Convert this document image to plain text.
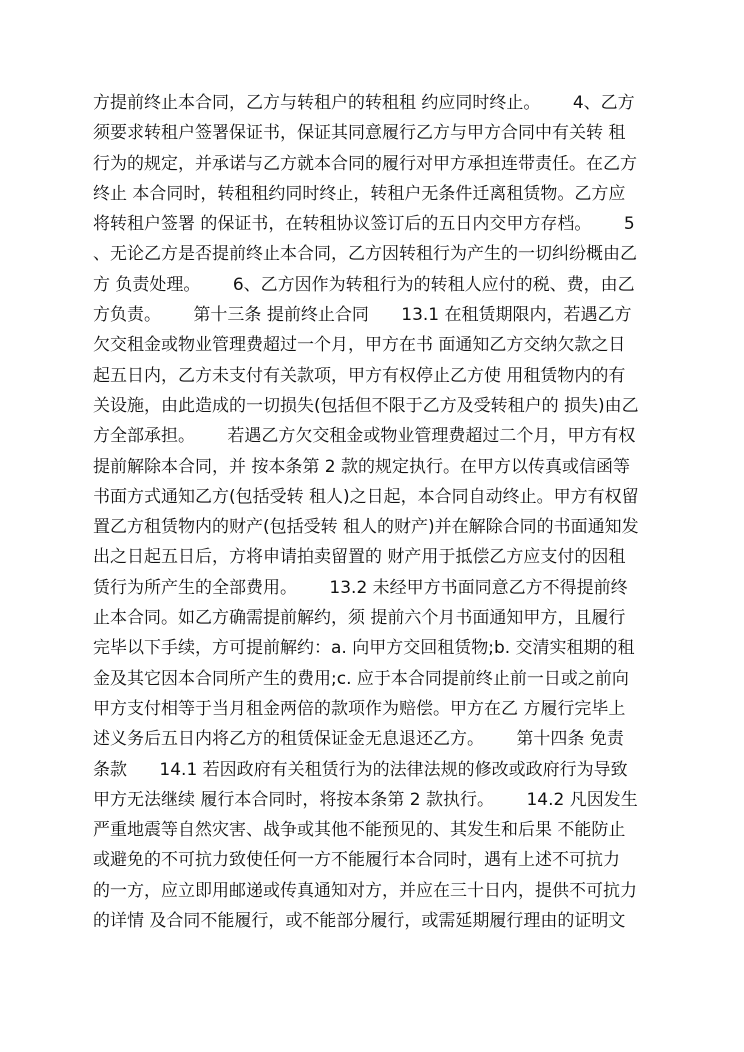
方提前终止本合同，乙方与转租户的转租租 约应同时终止。      4、乙方
须要求转租户签署保证书，保证其同意履行乙方与甲方合同中有关转 租
行为的规定，并承诺与乙方就本合同的履行对甲方承担连带责任。在乙方
终止 本合同时，转租租约同时终止，转租户无条件迁离租赁物。乙方应
将转租户签署 的保证书，在转租协议签订后的五日内交甲方存档。      5
、无论乙方是否提前终止本合同，乙方因转租行为产生的一切纠纷概由乙
方 负责处理。      6、乙方因作为转租行为的转租人应付的税、费，由乙
方负责。      第十三条 提前终止合同      13.1 在租赁期限内，若遇乙方
欠交租金或物业管理费超过一个月，甲方在书 面通知乙方交纳欠款之日
起五日内，乙方未支付有关款项，甲方有权停止乙方使 用租赁物内的有
关设施，由此造成的一切损失(包括但不限于乙方及受转租户的 损失)由乙
方全部承担。      若遇乙方欠交租金或物业管理费超过二个月，甲方有权
提前解除本合同，并 按本条第 2 款的规定执行。在甲方以传真或信函等
书面方式通知乙方(包括受转 租人)之日起，本合同自动终止。甲方有权留
置乙方租赁物内的财产(包括受转 租人的财产)并在解除合同的书面通知发
出之日起五日后，方将申请拍卖留置的 财产用于抵偿乙方应支付的因租
赁行为所产生的全部费用。      13.2 未经甲方书面同意乙方不得提前终
止本合同。如乙方确需提前解约，须 提前六个月书面通知甲方，且履行
完毕以下手续，方可提前解约：a. 向甲方交回租赁物;b. 交清实租期的租
金及其它因本合同所产生的费用;c. 应于本合同提前终止前一日或之前向
甲方支付相等于当月租金两倍的款项作为赔偿。甲方在乙 方履行完毕上
述义务后五日内将乙方的租赁保证金无息退还乙方。      第十四条 免责
条款      14.1 若因政府有关租赁行为的法律法规的修改或政府行为导致
甲方无法继续 履行本合同时，将按本条第 2 款执行。      14.2 凡因发生
严重地震等自然灾害、战争或其他不能预见的、其发生和后果 不能防止
或避免的不可抗力致使任何一方不能履行本合同时，遇有上述不可抗力
的一方，应立即用邮递或传真通知对方，并应在三十日内，提供不可抗力
的详情 及合同不能履行，或不能部分履行，或需延期履行理由的证明文
